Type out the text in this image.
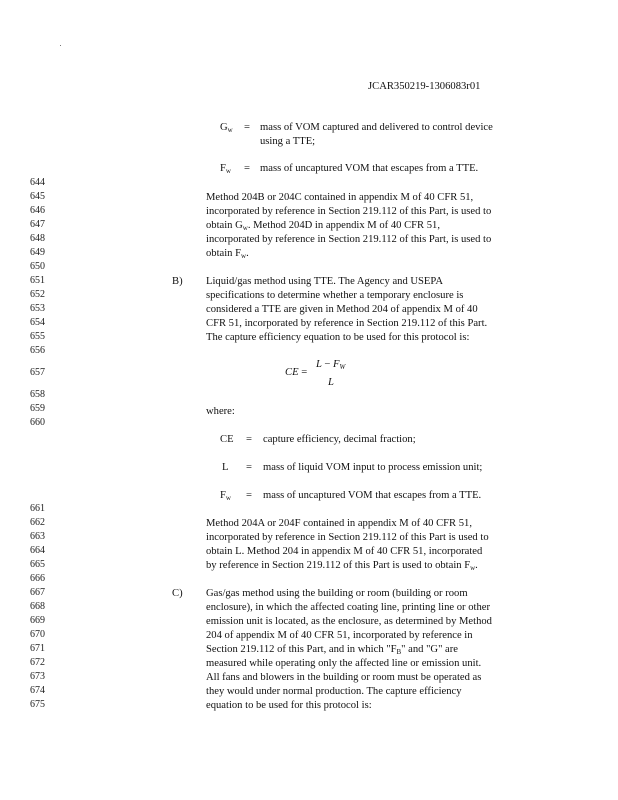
JCAR350219-1306083r01
644
645
646
647
648
649
650
651
652
653
654
655
656
657
658
659
660
661
662
663
664
665
666
667
668
669
670
671
672
673
674
675
$G_w$ = mass of VOM captured and delivered to control device
using a TTE;
$F_w$ = mass of uncaptured VOM that escapes from a TTE.
Method 204B or 204C contained in appendix M of 40 CFR 51,
incorporated by reference in Section 219.112 of this Part, is used to
obtain $G_w$. Method 204D in appendix M of 40 CFR 51,
incorporated by reference in Section 219.112 of this Part, is used to
obtain $F_w$.
B) Liquid/gas method using TTE. The Agency and USEPA
specifications to determine whether a temporary enclosure is
considered a TTE are given in Method 204 of appendix M of 40
CFR 51, incorporated by reference in Section 219.112 of this Part.
The capture efficiency equation to be used for this protocol is:
CE =
$L - F_W$
L
where:
CE = capture efficiency, decimal fraction;
L = mass of liquid VOM input to process emission unit;
$F_w$ = mass of uncaptured VOM that escapes from a TTE.
Method 204A or 204F contained in appendix M of 40 CFR 51,
incorporated by reference in Section 219.112 of this Part is used to
obtain L. Method 204 in appendix M of 40 CFR 51, incorporated
by reference in Section 219.112 of this Part is used to obtain $F_w$.
C) Gas/gas method using the building or room (building or room
enclosure), in which the affected coating line, printing line or other
emission unit is located, as the enclosure, as determined by Method
204 of appendix M of 40 CFR 51, incorporated by reference in
Section 219.112 of this Part, and in which "$F_B$" and "G" are
measured while operating only the affected line or emission unit.
All fans and blowers in the building or room must be operated as
they would under normal production. The capture efficiency
equation to be used for this protocol is:
